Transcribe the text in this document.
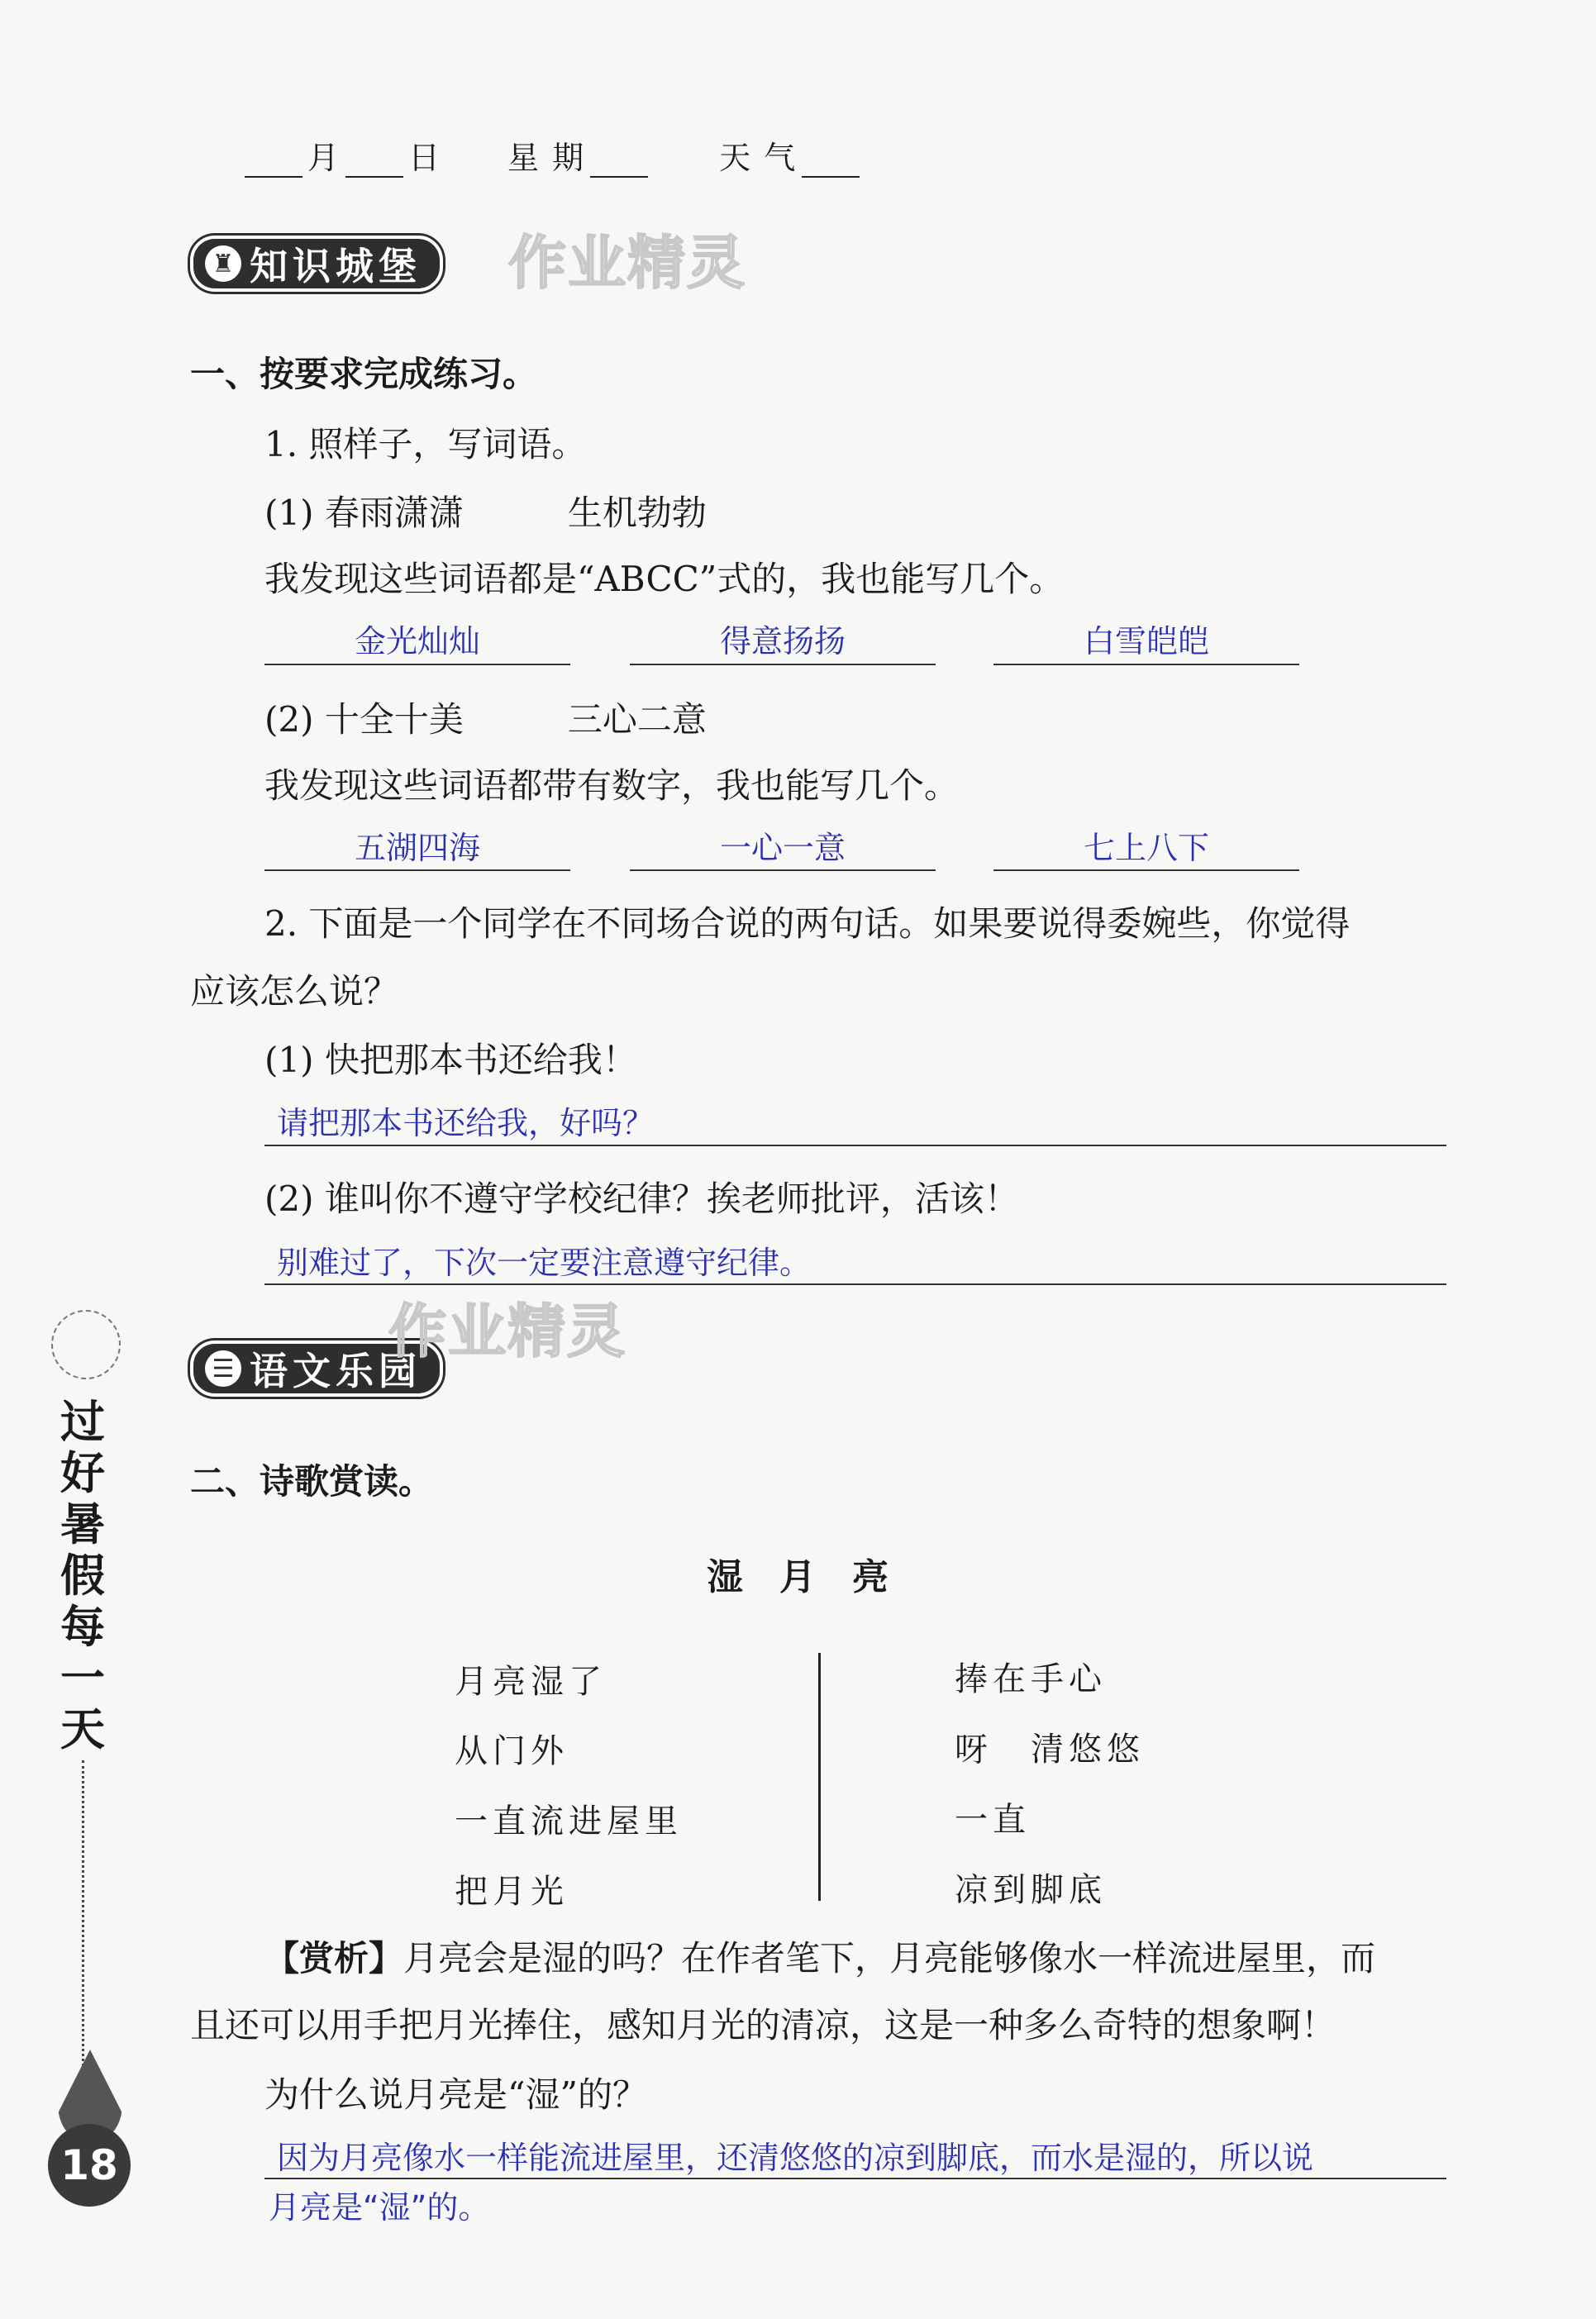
月 日　　 星 期　　	天 气
♜ 知识城堡 作业精灵
一、按要求完成练习。
1. 照样子，写词语。
(1) 春雨潇潇　　　生机勃勃
我发现这些词语都是“ABCC”式的，我也能写几个。
金光灿灿	得意扬扬	白雪皑皑
(2) 十全十美　　　三心二意
我发现这些词语都带有数字，我也能写几个。
五湖四海	一心一意	七上八下
2. 下面是一个同学在不同场合说的两句话。如果要说得委婉些，你觉得
应该怎么说？
(1) 快把那本书还给我！
请把那本书还给我，好吗？
(2) 谁叫你不遵守学校纪律？挨老师批评，活该！
别难过了，下次一定要注意遵守纪律。
☰ 语文乐园
作业精灵
二、诗歌赏读。
湿　月　亮
月亮湿了
从门外
一直流进屋里
把月光
捧在手心
呀　清悠悠
一直
凉到脚底
【赏析】月亮会是湿的吗？在作者笔下，月亮能够像水一样流进屋里，而
且还可以用手把月光捧住，感知月光的清凉，这是一种多么奇特的想象啊！
为什么说月亮是“湿”的？
因为月亮像水一样能流进屋里，还清悠悠的凉到脚底，而水是湿的，所以说
月亮是“湿”的。
过
好
暑
假
每
一
天
18
